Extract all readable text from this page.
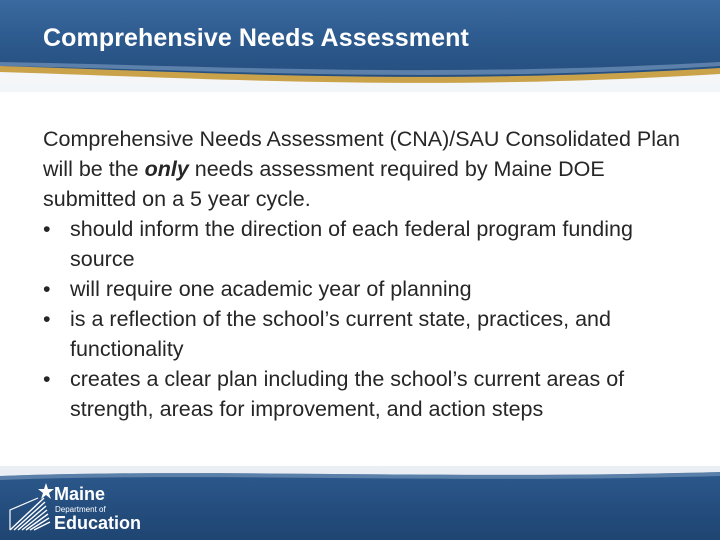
Comprehensive Needs Assessment

Comprehensive Needs Assessment (CNA)/SAU Consolidated Plan will be the only needs assessment required by Maine DOE submitted on a 5 year cycle.

• should inform the direction of each federal program funding source
• will require one academic year of planning
• is a reflection of the school’s current state, practices, and functionality
• creates a clear plan including the school’s current areas of strength, areas for improvement, and action steps
Maine
Department of
Education
